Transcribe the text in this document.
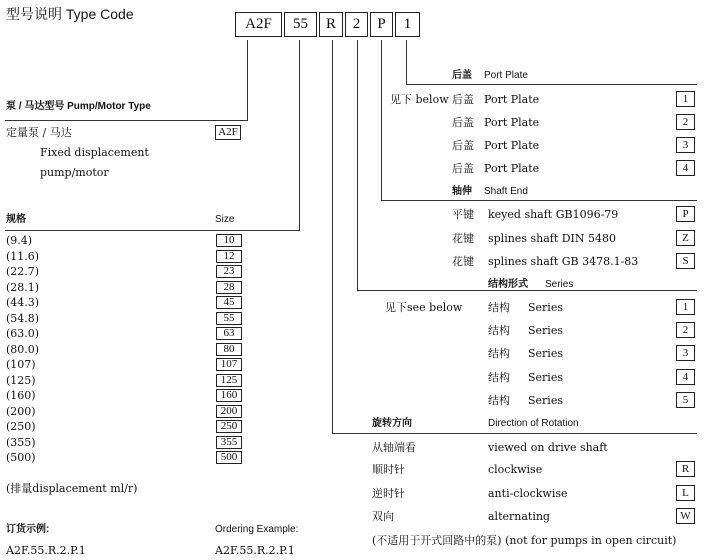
型号说明 Type Code
A2F	55	R	2	P	1
泵 / 马达型号 Pump/Motor Type
定量泵 / 马达	A2F
Fixed displacement
pump/motor
规格	Size
(9.4)	10
(11.6)	12
(22.7)	23
(28.1)	28
(44.3)	45
(54.8)	55
(63.0)	63
(80.0)	80
(107)	107
(125)	125
(160)	160
(200)	200
(250)	250
(355)	355
(500)	500
(排量displacement ml/r)
订货示例:	Ordering Example:
A2F.55.R.2.P.1	A2F.55.R.2.P.1
后盖 Port Plate
见下 below 后盖 Port Plate	1
后盖 Port Plate	2
后盖 Port Plate	3
后盖 Port Plate	4
轴伸 Shaft End
平键 keyed shaft GB1096-79	P
花键 splines shaft DIN 5480	Z
花键 splines shaft GB 3478.1-83	S
结构形式 Series
见下see below 结构 Series	1
结构 Series	2
结构 Series	3
结构 Series	4
结构 Series	5
旋转方向	Direction of Rotation
从轴端看	viewed on drive shaft
顺时针	clockwise	R
逆时针	anti-clockwise	L
双向	alternating	W
(不适用于开式回路中的泵) (not for pumps in open circuit)
